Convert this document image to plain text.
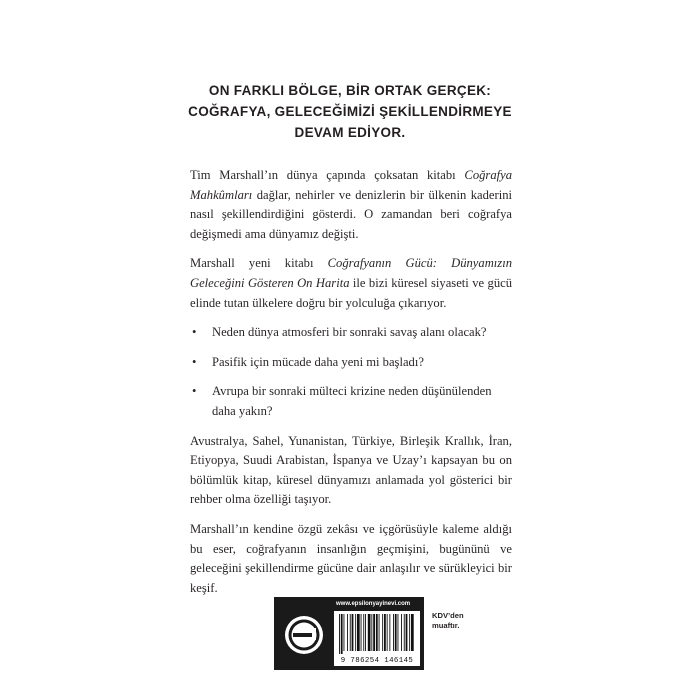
ON FARKLI BÖLGE, BİR ORTAK GERÇEK:
COĞRAFYA, GELECEĞİMİZİ ŞEKİLLENDİRMEYE
DEVAM EDİYOR.

Tim Marshall’ın dünya çapında çoksatan kitabı Coğrafya Mahkûmları dağlar, nehirler ve denizlerin bir ülkenin kaderini nasıl şekillendirdiğini gösterdi. O zamandan beri coğrafya değişmedi ama dünyamız değişti.

Marshall yeni kitabı Coğrafyanın Gücü: Dünyamızın Geleceğini Gösteren On Harita ile bizi küresel siyaseti ve gücü elinde tutan ülkelere doğru bir yolculuğa çıkarıyor.

• Neden dünya atmosferi bir sonraki savaş alanı olacak?
• Pasifik için mücade daha yeni mi başladı?
• Avrupa bir sonraki mülteci krizine neden düşünülenden daha yakın?

Avustralya, Sahel, Yunanistan, Türkiye, Birleşik Krallık, İran, Etiyopya, Suudi Arabistan, İspanya ve Uzay’ı kapsayan bu on bölümlük kitap, küresel dünyamızı anlamada yol gösterici bir rehber olma özelliği taşıyor.

Marshall’ın kendine özgü zekâsı ve içgörüsüyle kaleme aldığı bu eser, coğrafyanın insanlığın geçmişini, bugününü ve geleceğini şekillendirme gücüne dair anlaşılır ve sürükleyici bir keşif.

www.epsilonyayinevi.com
9 786254 146145
KDV’den
muaftır.
